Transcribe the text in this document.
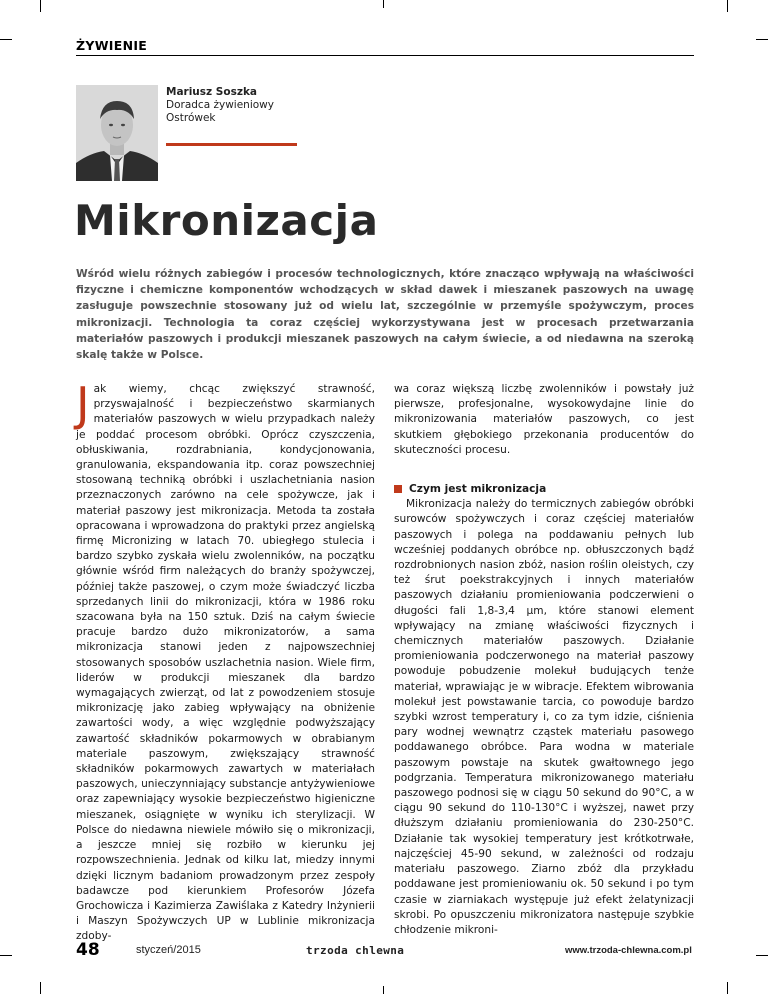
ŻYWIENIE
Mariusz Soszka
Doradca żywieniowy
Ostrówek
Mikronizacja
Wśród wielu różnych zabiegów i procesów technologicznych, które znacząco wpływają na właściwości fizyczne i chemiczne komponentów wchodzących w skład dawek i mieszanek paszowych na uwagę zasługuje powszechnie stosowany już od wielu lat, szczególnie w przemyśle spożywczym, proces mikronizacji. Technologia ta coraz częściej wykorzystywana jest w procesach przetwarzania materiałów paszowych i produkcji mieszanek paszowych na całym świecie, a od niedawna na szeroką skalę także w Polsce.

Jak wiemy, chcąc zwiększyć strawność, przyswajalność i bezpieczeństwo skarmianych materiałów paszowych w wielu przypadkach należy je poddać procesom obróbki. Oprócz czyszczenia, obłuskiwania, rozdrabniania, kondycjonowania, granulowania, ekspandowania itp. coraz powszechniej stosowaną techniką obróbki i uszlachetniania nasion przeznaczonych zarówno na cele spożywcze, jak i materiał paszowy jest mikronizacja. Metoda ta została opracowana i wprowadzona do praktyki przez angielską firmę Micronizing w latach 70. ubiegłego stulecia i bardzo szybko zyskała wielu zwolenników, na początku głównie wśród firm należących do branży spożywczej, później także paszowej, o czym może świadczyć liczba sprzedanych linii do mikronizacji, która w 1986 roku szacowana była na 150 sztuk. Dziś na całym świecie pracuje bardzo dużo mikronizatorów, a sama mikronizacja stanowi jeden z najpowszechniej stosowanych sposobów uszlachetnia nasion. Wiele firm, liderów w produkcji mieszanek dla bardzo wymagających zwierząt, od lat z powodzeniem stosuje mikronizację jako zabieg wpływający na obniżenie zawartości wody, a więc względnie podwyższający zawartość składników pokarmowych w obrabianym materiale paszowym, zwiększający strawność składników pokarmowych zawartych w materiałach paszowych, unieczynniający substancje antyżywieniowe oraz zapewniający wysokie bezpieczeństwo higieniczne mieszanek, osiągnięte w wyniku ich sterylizacji. W Polsce do niedawna niewiele mówiło się o mikronizacji, a jeszcze mniej się rozbiło w kierunku jej rozpowszechnienia. Jednak od kilku lat, miedzy innymi dzięki licznym badaniom prowadzonym przez zespoły badawcze pod kierunkiem Profesorów Józefa Grochowicza i Kazimierza Zawiślaka z Katedry Inżynierii i Maszyn Spożywczych UP w Lublinie mikronizacja zdoby-

wa coraz większą liczbę zwolenników i powstały już pierwsze, profesjonalne, wysokowydajne linie do mikronizowania materiałów paszowych, co jest skutkiem głębokiego przekonania producentów do skuteczności procesu.

Czym jest mikronizacja

Mikronizacja należy do termicznych zabiegów obróbki surowców spożywczych i coraz częściej materiałów paszowych i polega na poddawaniu pełnych lub wcześniej poddanych obróbce np. obłuszczonych bądź rozdrobnionych nasion zbóż, nasion roślin oleistych, czy też śrut poekstrakcyjnych i innych materiałów paszowych działaniu promieniowania podczerwieni o długości fali 1,8-3,4 µm, które stanowi element wpływający na zmianę właściwości fizycznych i chemicznych materiałów paszowych. Działanie promieniowania podczerwonego na materiał paszowy powoduje pobudzenie molekuł budujących tenże materiał, wprawiając je w wibracje. Efektem wibrowania molekuł jest powstawanie tarcia, co powoduje bardzo szybki wzrost temperatury i, co za tym idzie, ciśnienia pary wodnej wewnątrz cząstek materiału pasowego poddawanego obróbce. Para wodna w materiale paszowym powstaje na skutek gwałtownego jego podgrzania. Temperatura mikronizowanego materiału paszowego podnosi się w ciągu 50 sekund do 90°C, a w ciągu 90 sekund do 110-130°C i wyższej, nawet przy dłuższym działaniu promieniowania do 230-250°C. Działanie tak wysokiej temperatury jest krótkotrwałe, najczęściej 45-90 sekund, w zależności od rodzaju materiału paszowego. Ziarno zbóż dla przykładu poddawane jest promieniowaniu ok. 50 sekund i po tym czasie w ziarniakach występuje już efekt żelatynizacji skrobi. Po opuszczeniu mikronizatora następuje szybkie chłodzenie mikroni-

48	styczeń/2015	trzoda chlewna	www.trzoda-chlewna.com.pl
